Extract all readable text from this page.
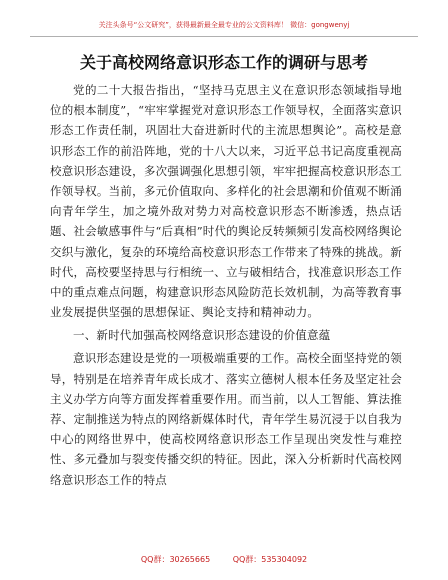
关注头条号“公文研究”，获得最新最全最专业的公文资料库！ 微信：gongwenyj
关于高校网络意识形态工作的调研与思考

党的二十大报告指出，“坚持马克思主义在意识形态领域指导地位的根本制度”，“牢牢掌握党对意识形态工作领导权，全面落实意识形态工作责任制，巩固壮大奋进新时代的主流思想舆论”。高校是意识形态工作的前沿阵地，党的十八大以来，习近平总书记高度重视高校意识形态建设，多次强调强化思想引领，牢牢把握高校意识形态工作领导权。当前，多元价值取向、多样化的社会思潮和价值观不断涌向青年学生，加之境外敌对势力对高校意识形态不断渗透，热点话题、社会敏感事件与“后真相”时代的舆论反转频频引发高校网络舆论交织与激化，复杂的环境给高校意识形态工作带来了特殊的挑战。新时代，高校要坚持思与行相统一、立与破相结合，找准意识形态工作中的重点难点问题，构建意识形态风险防范长效机制，为高等教育事业发展提供坚强的思想保证、舆论支持和精神动力。

一、新时代加强高校网络意识形态建设的价值意蕴

意识形态建设是党的一项极端重要的工作。高校全面坚持党的领导，特别是在培养青年成长成才、落实立德树人根本任务及坚定社会主义办学方向等方面发挥着重要作用。而当前，以人工智能、算法推荐、定制推送为特点的网络新媒体时代，青年学生易沉浸于以自我为中心的网络世界中，使高校网络意识形态工作呈现出突发性与难控性、多元叠加与裂变传播交织的特征。因此，深入分析新时代高校网络意识形态工作的特点

QQ群：30265665	QQ群：535304092
